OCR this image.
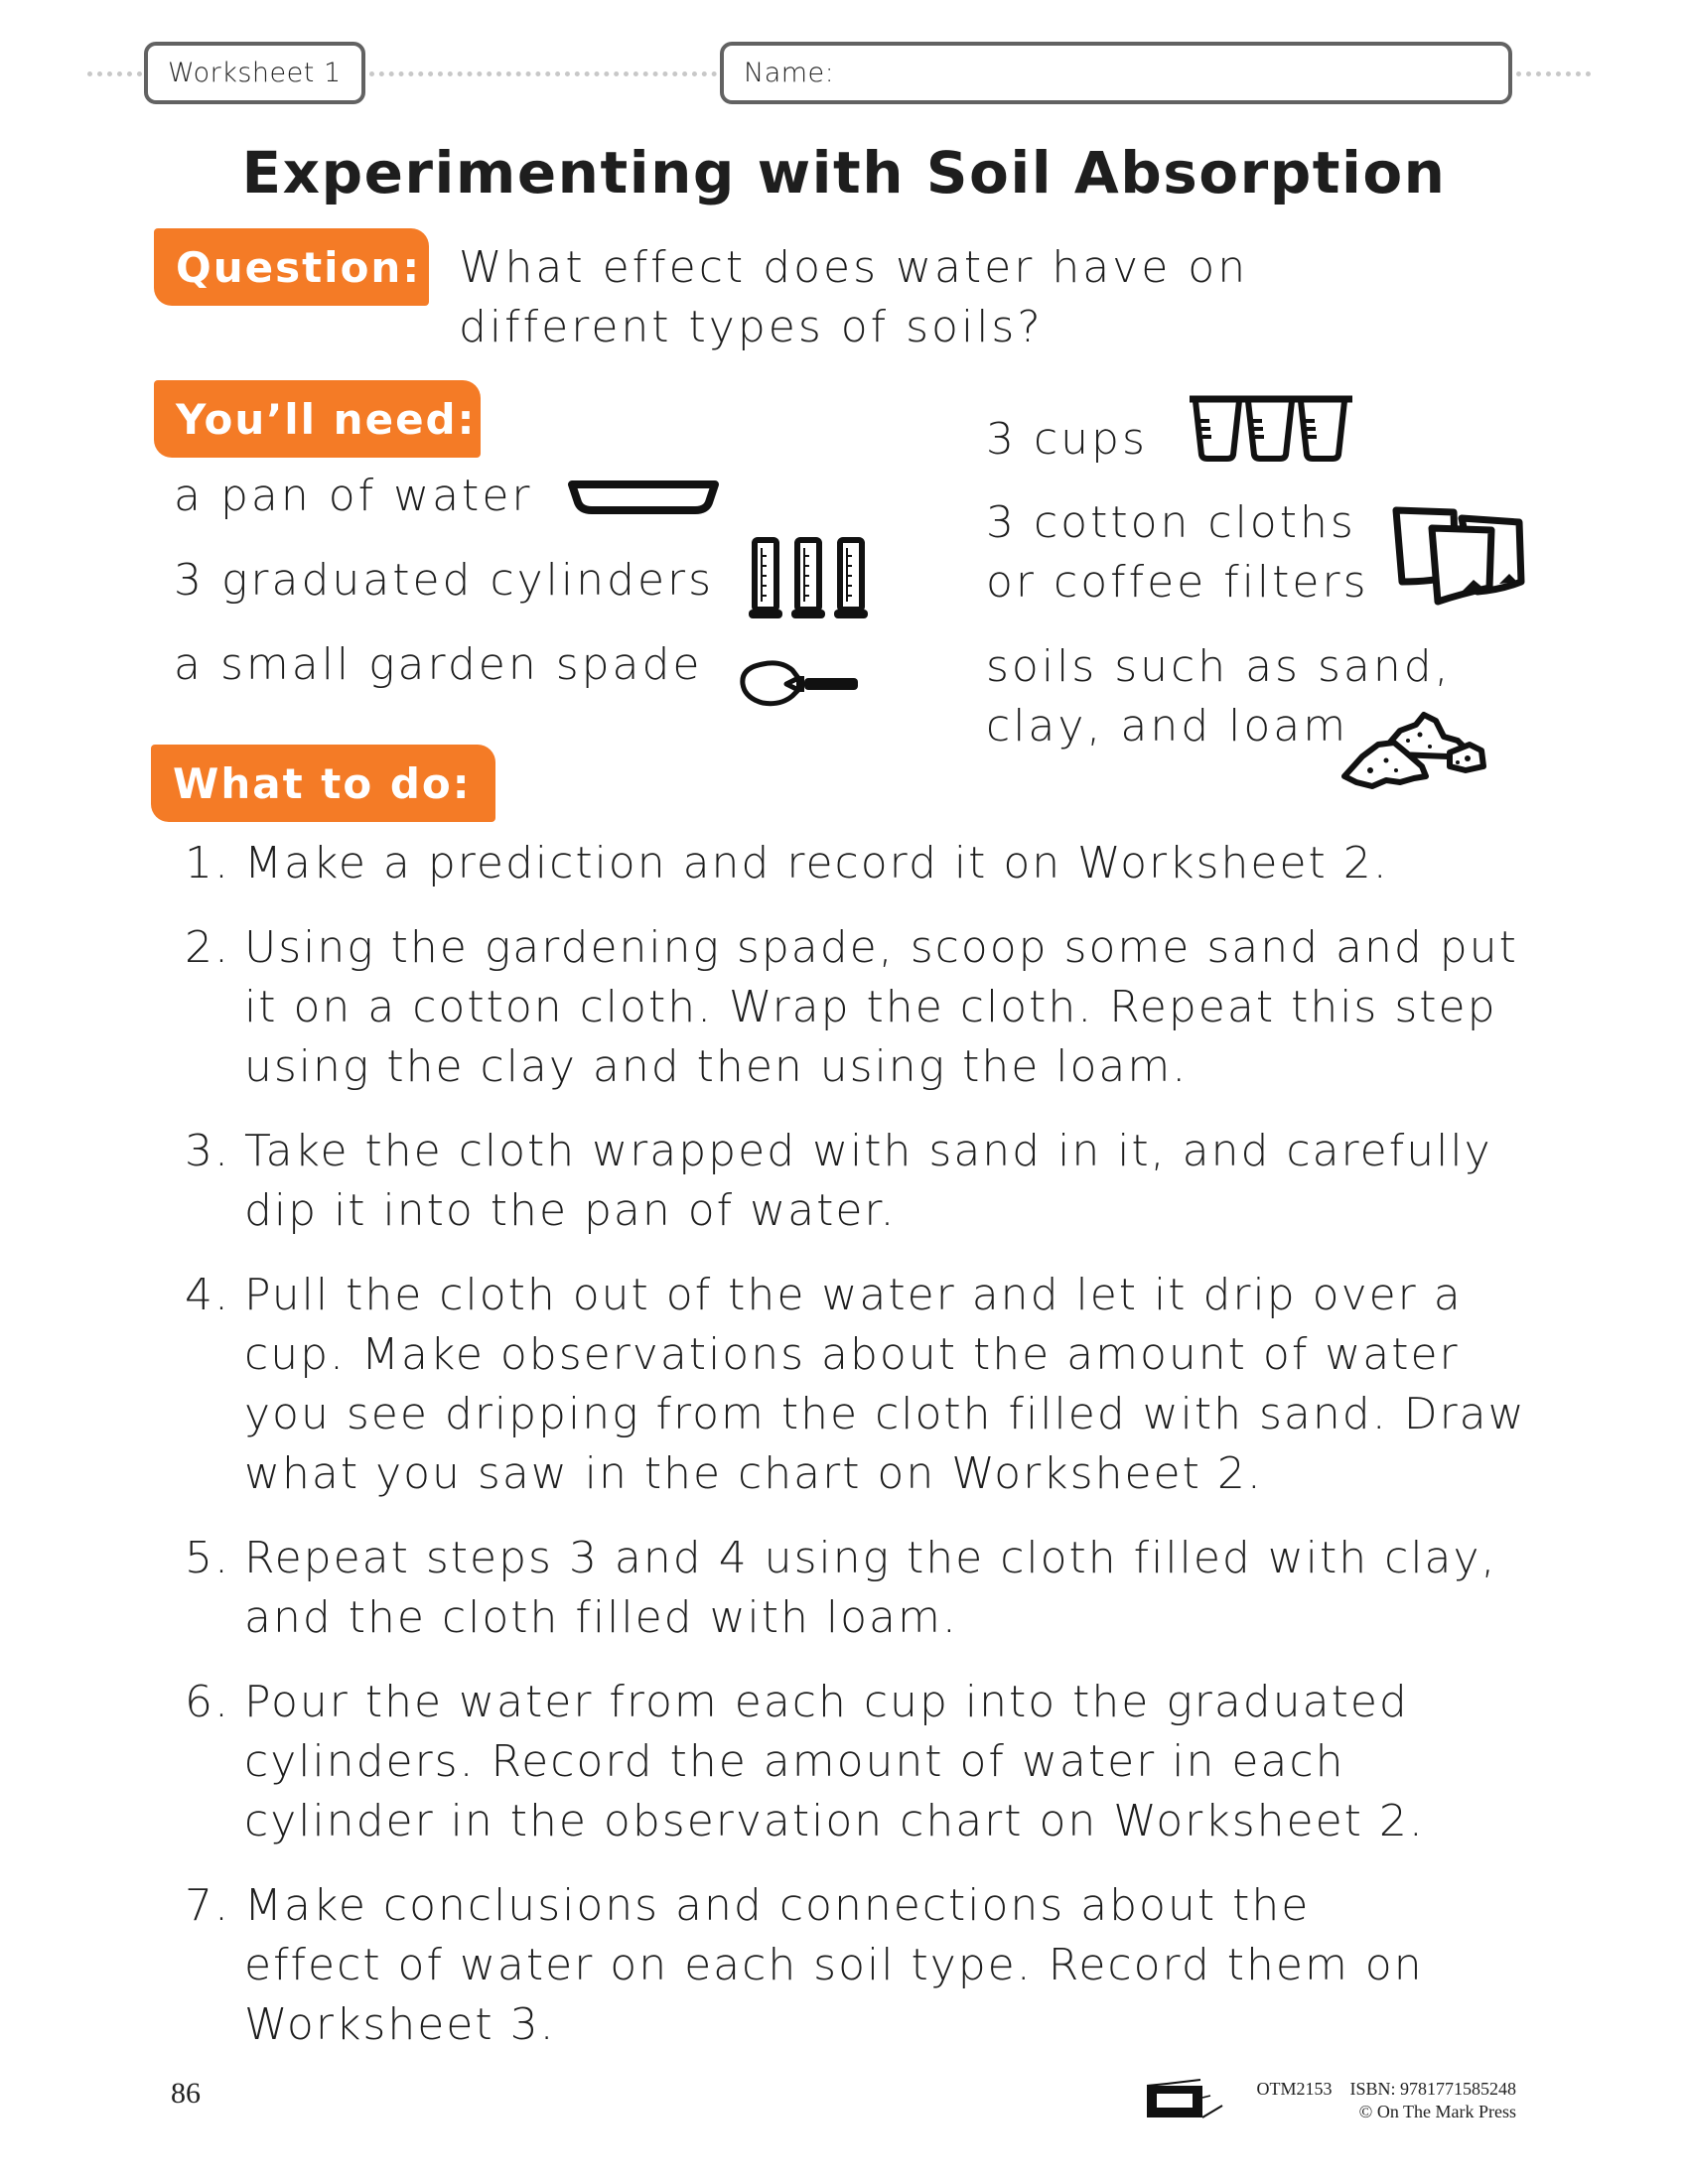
Worksheet 1	Name:
Experimenting with Soil Absorption
Question: What effect does water have on
different types of soils?
You’ll need:
a pan of water
3 graduated cylinders
a small garden spade
3 cups
3 cotton cloths
or coffee filters
soils such as sand,
clay, and loam
What to do:
1. Make a prediction and record it on Worksheet 2.
2. Using the gardening spade, scoop some sand and put
it on a cotton cloth. Wrap the cloth. Repeat this step
using the clay and then using the loam.
3. Take the cloth wrapped with sand in it, and carefully
dip it into the pan of water.
4. Pull the cloth out of the water and let it drip over a
cup. Make observations about the amount of water
you see dripping from the cloth filled with sand. Draw
what you saw in the chart on Worksheet 2.
5. Repeat steps 3 and 4 using the cloth filled with clay,
and the cloth filled with loam.
6. Pour the water from each cup into the graduated
cylinders. Record the amount of water in each
cylinder in the observation chart on Worksheet 2.
7. Make conclusions and connections about the
effect of water on each soil type. Record them on
Worksheet 3.
86	OTM2153 ISBN: 9781771585248
© On The Mark Press
